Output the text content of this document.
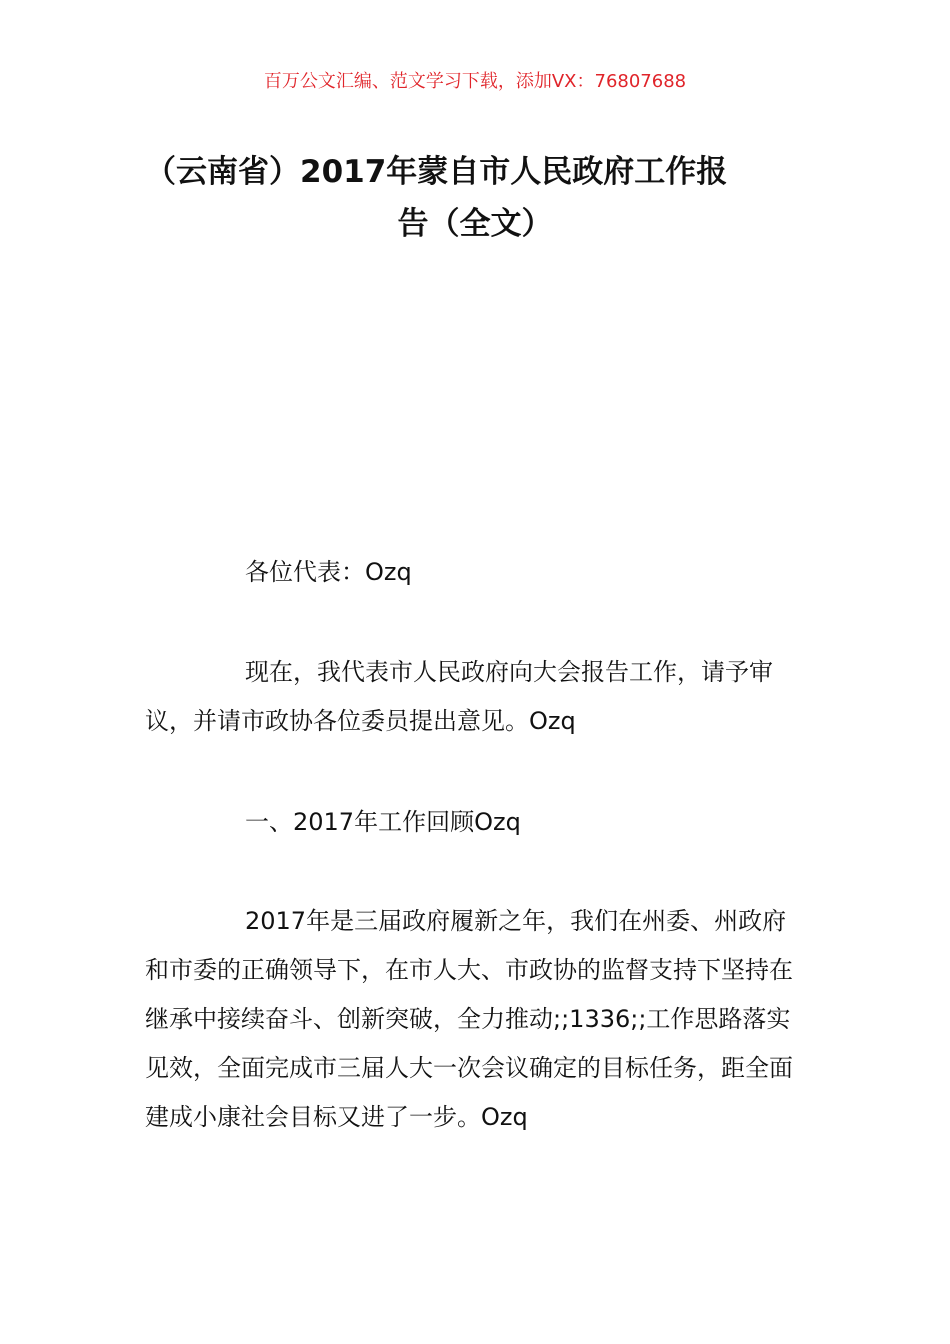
百万公文汇编、范文学习下载，添加VX：76807688
（云南省）2017年蒙自市人民政府工作报
告（全文）

各位代表：Ozq

现在，我代表市人民政府向大会报告工作，请予审议，并请市政协各位委员提出意见。Ozq

一、2017年工作回顾Ozq

2017年是三届政府履新之年，我们在州委、州政府和市委的正确领导下，在市人大、市政协的监督支持下坚持在继承中接续奋斗、创新突破，全力推动;;1336;;工作思路落实见效，全面完成市三届人大一次会议确定的目标任务，距全面建成小康社会目标又进了一步。Ozq
